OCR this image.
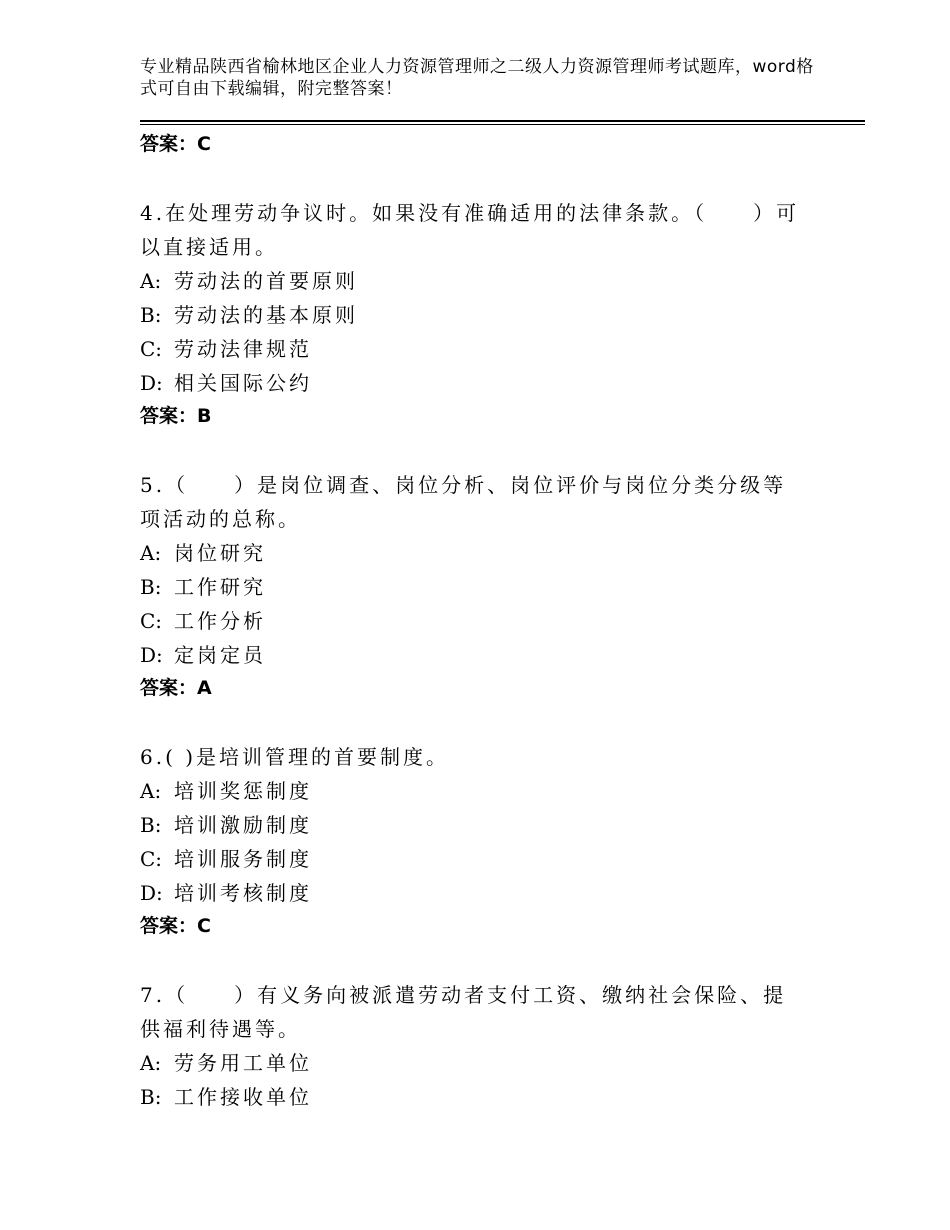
专业精品陕西省榆林地区企业人力资源管理师之二级人力资源管理师考试题库，word格式可自由下载编辑，附完整答案！

答案：C

4.在处理劳动争议时。如果没有准确适用的法律条款。（　　）可以直接适用。

A: 劳动法的首要原则

B: 劳动法的基本原则

C: 劳动法律规范

D: 相关国际公约

答案：B

5.（　　）是岗位调查、岗位分析、岗位评价与岗位分类分级等项活动的总称。

A: 岗位研究

B: 工作研究

C: 工作分析

D: 定岗定员

答案：A

6.( )是培训管理的首要制度。

A: 培训奖惩制度

B: 培训激励制度

C: 培训服务制度

D: 培训考核制度

答案：C

7.（　　）有义务向被派遣劳动者支付工资、缴纳社会保险、提供福利待遇等。

A: 劳务用工单位

B: 工作接收单位
